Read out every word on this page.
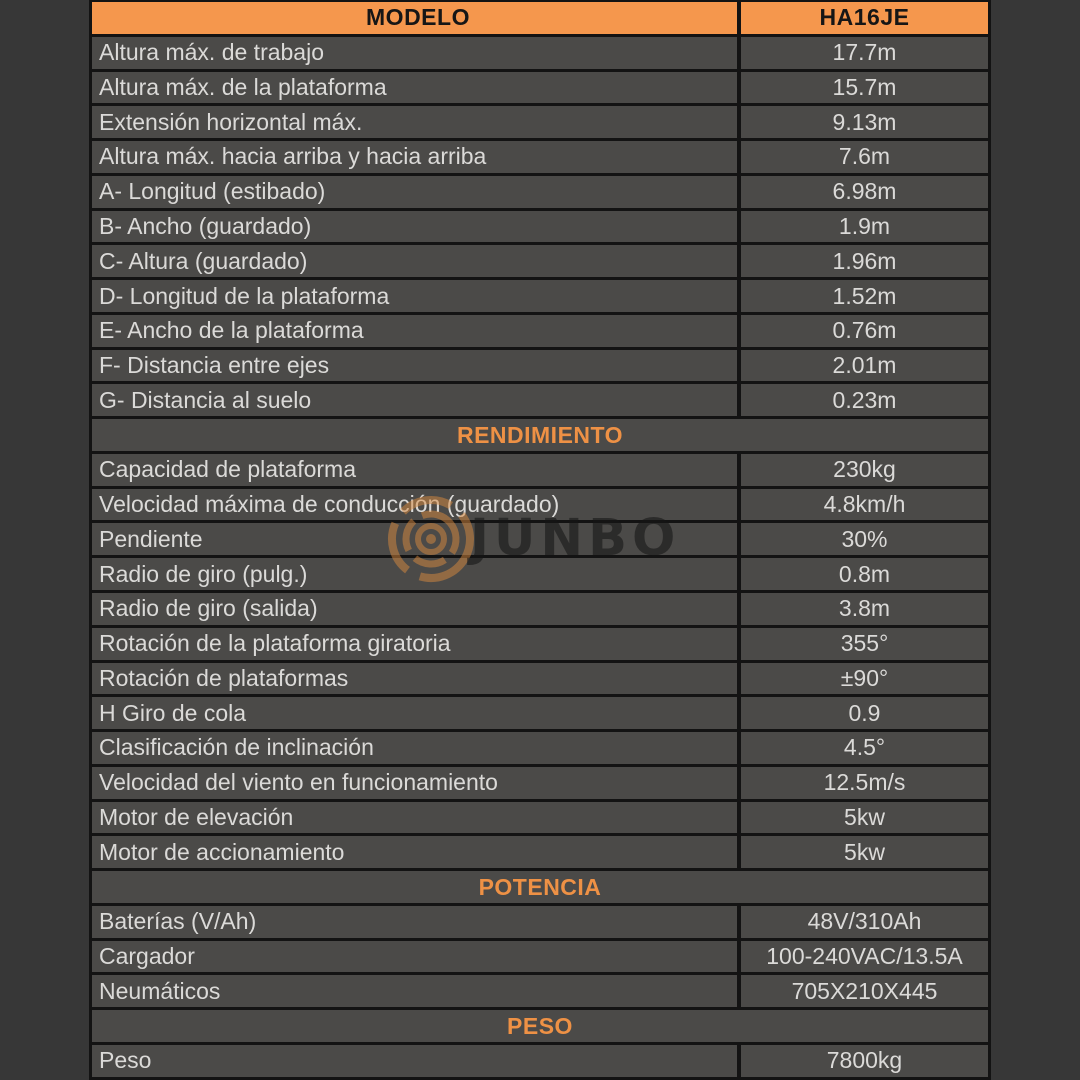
MODELO	HA16JE
Altura máx. de trabajo	17.7m
Altura máx. de la plataforma	15.7m
Extensión horizontal máx.	9.13m
Altura máx. hacia arriba y hacia arriba	7.6m
A- Longitud (estibado)	6.98m
B- Ancho (guardado)	1.9m
C- Altura (guardado)	1.96m
D- Longitud de la plataforma	1.52m
E- Ancho de la plataforma	0.76m
F- Distancia entre ejes	2.01m
G- Distancia al suelo	0.23m
RENDIMIENTO
Capacidad de plataforma	230kg
Velocidad máxima de conducción (guardado)	4.8km/h
Pendiente	30%
Radio de giro (pulg.)	0.8m
Radio de giro (salida)	3.8m
Rotación de la plataforma giratoria	355°
Rotación de plataformas	±90°
H Giro de cola	0.9
Clasificación de inclinación	4.5°
Velocidad del viento en funcionamiento	12.5m/s
Motor de elevación	5kw
Motor de accionamiento	5kw
POTENCIA
Baterías (V/Ah)	48V/310Ah
Cargador	100-240VAC/13.5A
Neumáticos	705X210X445
PESO
Peso	7800kg
JUNBO
